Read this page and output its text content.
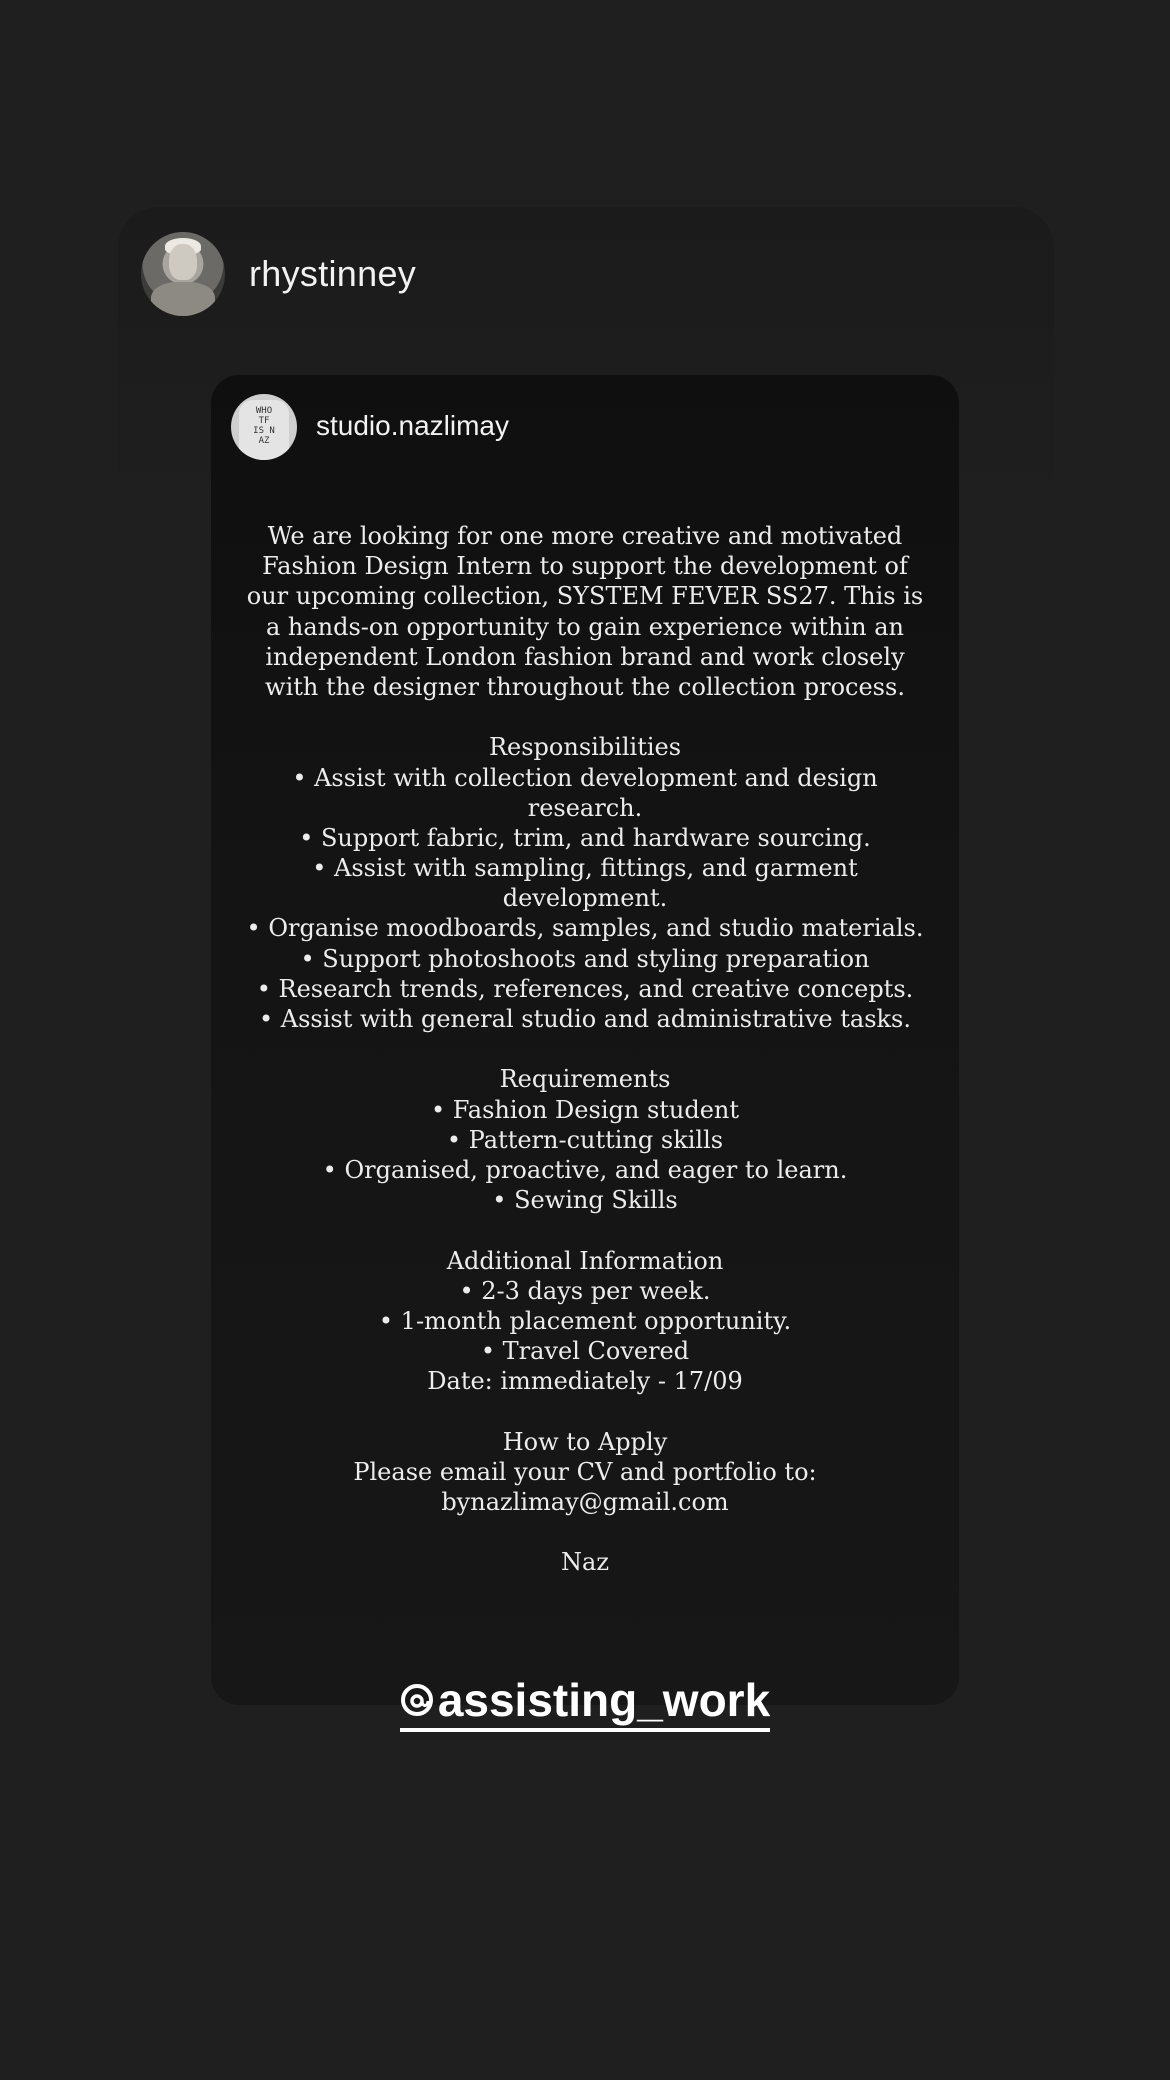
rhystinney
WHO
TF
IS N
AZ	studio.nazlimay
We are looking for one more creative and motivated
Fashion Design Intern to support the development of
our upcoming collection, SYSTEM FEVER SS27. This is
a hands-on opportunity to gain experience within an
independent London fashion brand and work closely
with the designer throughout the collection process.
Responsibilities
• Assist with collection development and design
research.
• Support fabric, trim, and hardware sourcing.
• Assist with sampling, fittings, and garment
development.
• Organise moodboards, samples, and studio materials.
• Support photoshoots and styling preparation
• Research trends, references, and creative concepts.
• Assist with general studio and administrative tasks.
Requirements
• Fashion Design student
• Pattern-cutting skills
• Organised, proactive, and eager to learn.
• Sewing Skills
Additional Information
• 2-3 days per week.
• 1-month placement opportunity.
• Travel Covered
Date: immediately - 17/09
How to Apply
Please email your CV and portfolio to:
bynazlimay@gmail.com
Naz
assisting_work
